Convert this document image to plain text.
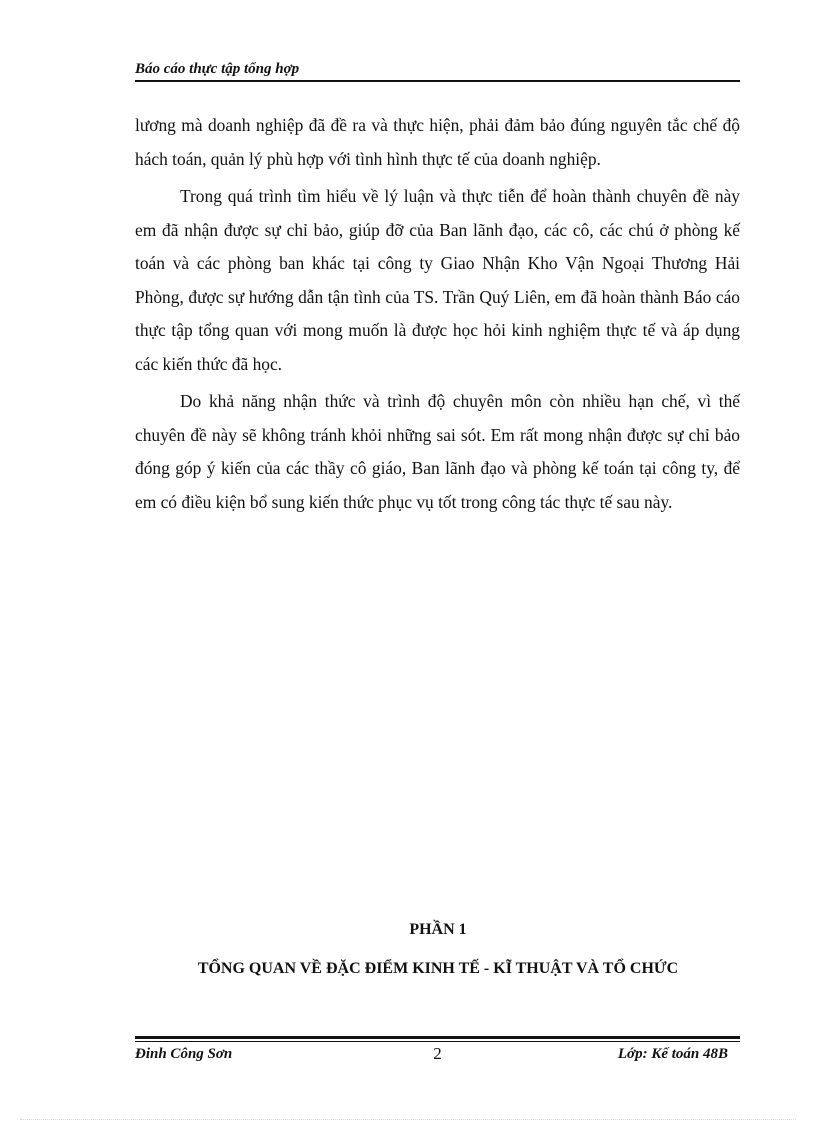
Báo cáo thực tập tổng hợp

lương mà doanh nghiệp đã đề ra và thực hiện, phải đảm bảo đúng nguyên tắc chế độ hách toán, quản lý phù hợp với tình hình thực tế của doanh nghiệp.

Trong quá trình tìm hiểu về lý luận và thực tiễn để hoàn thành chuyên đề này em đã nhận được sự chỉ bảo, giúp đỡ của Ban lãnh đạo, các cô, các chú ở phòng kế toán và các phòng ban khác tại công ty Giao Nhận Kho Vận Ngoại Thương Hải Phòng, được sự hướng dẫn tận tình của TS. Trần Quý Liên, em đã hoàn thành Báo cáo thực tập tổng quan với mong muốn là được học hỏi kinh nghiệm thực tế và áp dụng các kiến thức đã học.

Do khả năng nhận thức và trình độ chuyên môn còn nhiều hạn chế, vì thế chuyên đề này sẽ không tránh khỏi những sai sót. Em rất mong nhận được sự chỉ bảo đóng góp ý kiến của các thầy cô giáo, Ban lãnh đạo và phòng kế toán tại công ty, để em có điều kiện bổ sung kiến thức phục vụ tốt trong công tác thực tế sau này.

PHẦN 1
TỔNG QUAN VỀ ĐẶC ĐIỂM KINH TẾ - KĨ THUẬT VÀ TỔ CHỨC
Đinh Công Sơn	2	Lớp: Kế toán 48B
